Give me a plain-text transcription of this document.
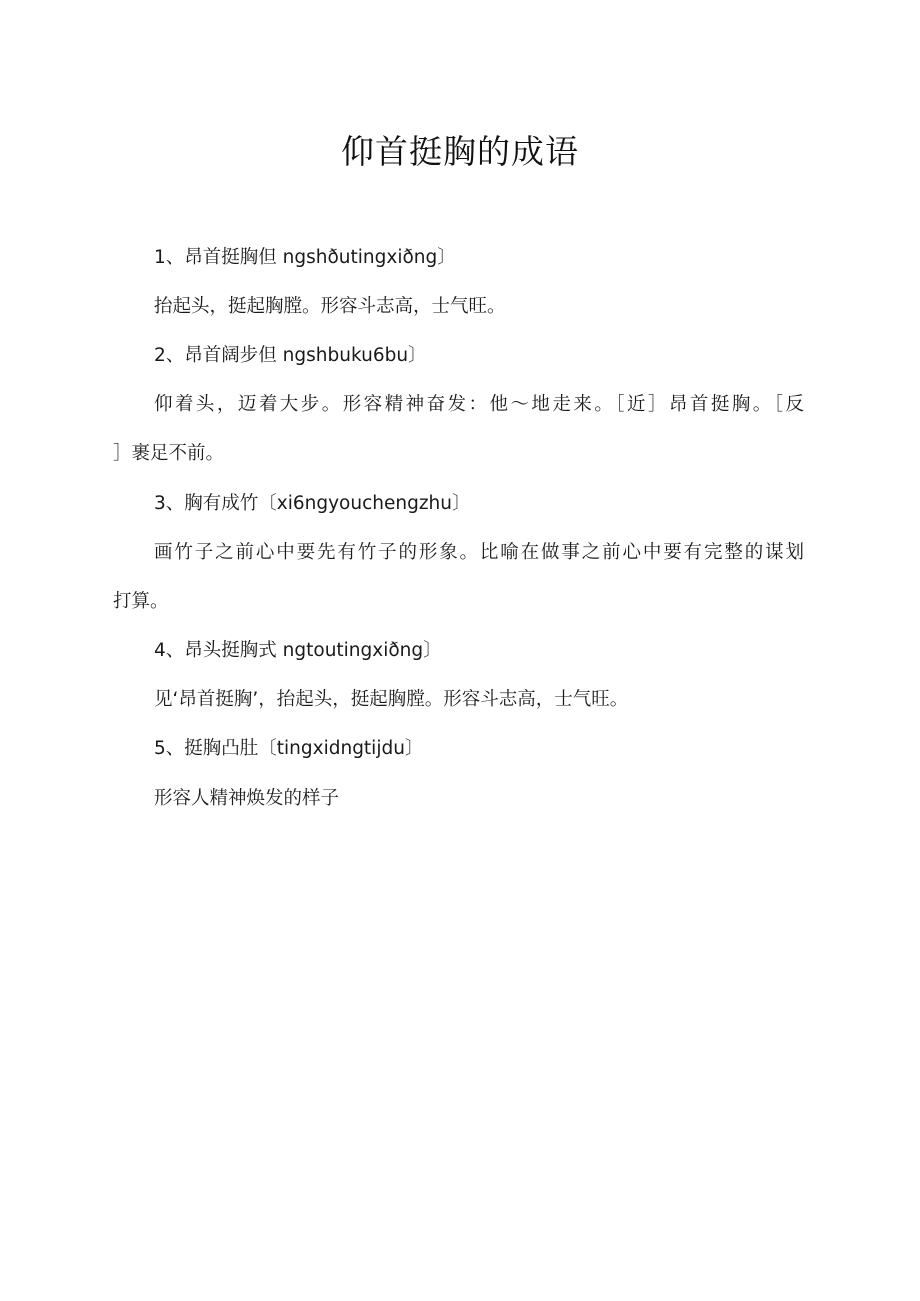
仰首挺胸的成语
1、昂首挺胸但 ngshðutingxiðng〕
抬起头，挺起胸膛。形容斗志高，士气旺。
2、昂首阔步但 ngshbuku6bu〕
仰着头，迈着大步。形容精神奋发：他～地走来。［近］昂首挺胸。［反
］裹足不前。
3、胸有成竹〔xi6ngyouchengzhu〕
画竹子之前心中要先有竹子的形象。比喻在做事之前心中要有完整的谋划
打算。
4、昂头挺胸式 ngtoutingxiðng〕
见‘昂首挺胸’，抬起头，挺起胸膛。形容斗志高，士气旺。
5、挺胸凸肚〔tingxidngtijdu〕
形容人精神焕发的样子
